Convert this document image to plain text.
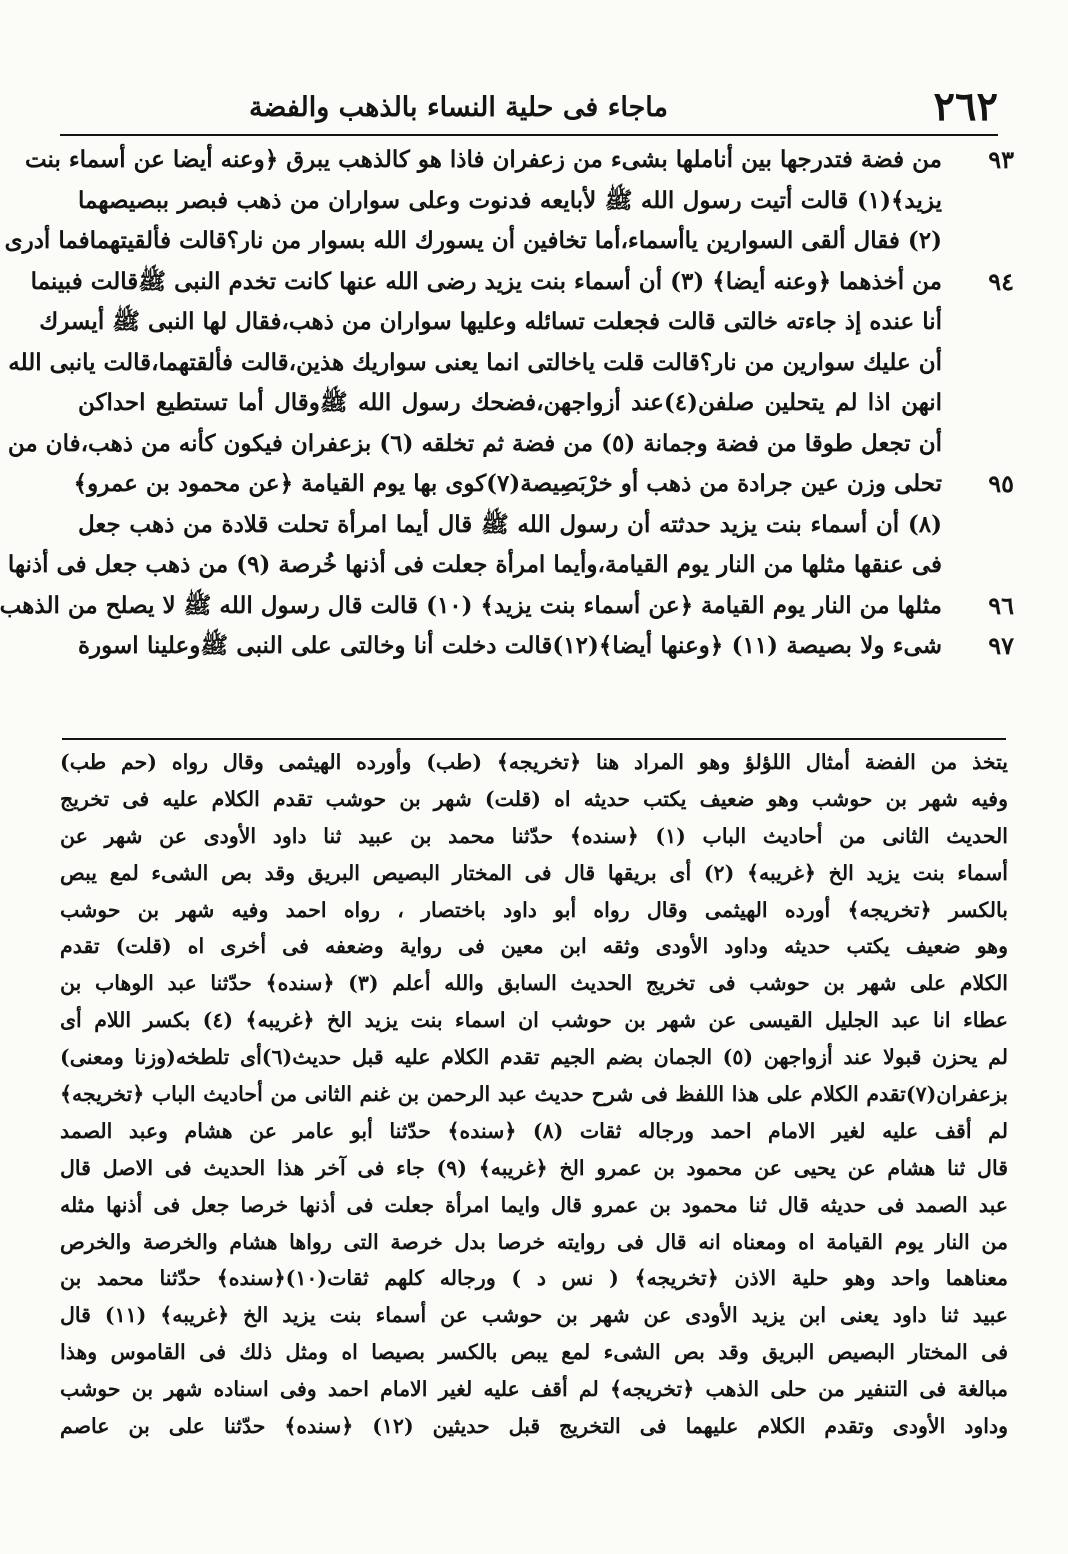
٢٦٢
ماجاء فى حلية النساء بالذهب والفضة
٩٣
من فضة فتدرجها بين أناملها بشىء من زعفران فاذا هو كالذهب يبرق ﴿وعنه أيضا عن أسماء بنت
يزيد﴾(١) قالت أتيت رسول الله ﷺ لأبايعه فدنوت وعلى سواران من ذهب فبصر ببصيصهما
(٢) فقال ألقى السوارين ياأسماء،أما تخافين أن يسورك الله بسوار من نار؟قالت فألقيتهمافما أدرى
٩٤
من أخذهما ﴿وعنه أيضا﴾ (٣) أن أسماء بنت يزيد رضى الله عنها كانت تخدم النبى ﷺقالت فبينما
أنا عنده إذ جاءته خالتى قالت فجعلت تسائله وعليها سواران من ذهب،فقال لها النبى ﷺ أيسرك
أن عليك سوارين من نار؟قالت قلت ياخالتى انما يعنى سواريك هذين،قالت فألقتهما،قالت يانبى الله
انهن اذا لم يتحلين صلفن(٤)عند أزواجهن،فضحك رسول الله ﷺوقال أما تستطيع احداكن
أن تجعل طوقا من فضة وجمانة (٥) من فضة ثم تخلقه (٦) بزعفران فيكون كأنه من ذهب،فان من
٩٥
تحلى وزن عين جرادة من ذهب أو خرْبَصِيصة(٧)كوى بها يوم القيامة ﴿عن محمود بن عمرو﴾
(٨) أن أسماء بنت يزيد حدثته أن رسول الله ﷺ قال أيما امرأة تحلت قلادة من ذهب جعل
فى عنقها مثلها من النار يوم القيامة،وأيما امرأة جعلت فى أذنها خُرصة (٩) من ذهب جعل فى أذنها
٩٦
مثلها من النار يوم القيامة ﴿عن أسماء بنت يزيد﴾ (١٠) قالت قال رسول الله ﷺ لا يصلح من الذهب
٩٧
شىء ولا بصيصة (١١) ﴿وعنها أيضا﴾(١٢)قالت دخلت أنا وخالتى على النبى ﷺوعلينا اسورة
يتخذ من الفضة أمثال اللؤلؤ وهو المراد هنا ﴿تخريجه﴾ (طب) وأورده الهيثمى وقال رواه (حم طب)
وفيه شهر بن حوشب وهو ضعيف يكتب حديثه اه (قلت) شهر بن حوشب تقدم الكلام عليه فى تخريج
الحديث الثانى من أحاديث الباب (١) ﴿سنده﴾ حدّثنا محمد بن عبيد ثنا داود الأودى عن شهر عن
أسماء بنت يزيد الخ ﴿غريبه﴾ (٢) أى بريقها قال فى المختار البصيص البريق وقد بص الشىء لمع يبص
بالكسر ﴿تخريجه﴾ أورده الهيثمى وقال رواه أبو داود باختصار ، رواه احمد وفيه شهر بن حوشب
وهو ضعيف يكتب حديثه وداود الأودى وثقه ابن معين فى رواية وضعفه فى أخرى اه (قلت) تقدم
الكلام على شهر بن حوشب فى تخريج الحديث السابق والله أعلم (٣) ﴿سنده﴾ حدّثنا عبد الوهاب بن
عطاء انا عبد الجليل القيسى عن شهر بن حوشب ان اسماء بنت يزيد الخ ﴿غريبه﴾ (٤) بكسر اللام أى
لم يحزن قبولا عند أزواجهن (٥) الجمان بضم الجيم تقدم الكلام عليه قبل حديث(٦)أى تلطخه(وزنا ومعنى)
بزعفران(٧)تقدم الكلام على هذا اللفظ فى شرح حديث عبد الرحمن بن غنم الثانى من أحاديث الباب ﴿تخريجه﴾
لم أقف عليه لغير الامام احمد ورجاله ثقات (٨) ﴿سنده﴾ حدّثنا أبو عامر عن هشام وعبد الصمد
قال ثنا هشام عن يحيى عن محمود بن عمرو الخ ﴿غريبه﴾ (٩) جاء فى آخر هذا الحديث فى الاصل قال
عبد الصمد فى حديثه قال ثنا محمود بن عمرو قال وايما امرأة جعلت فى أذنها خرصا جعل فى أذنها مثله
من النار يوم القيامة اه ومعناه انه قال فى روايته خرصا بدل خرصة التى رواها هشام والخرصة والخرص
معناهما واحد وهو حلية الاذن ﴿تخريجه﴾ ( نس د ) ورجاله كلهم ثقات(١٠)﴿سنده﴾ حدّثنا محمد بن
عبيد ثنا داود يعنى ابن يزيد الأودى عن شهر بن حوشب عن أسماء بنت يزيد الخ ﴿غريبه﴾ (١١) قال
فى المختار البصيص البريق وقد بص الشىء لمع يبص بالكسر بصيصا اه ومثل ذلك فى القاموس وهذا
مبالغة فى التنفير من حلى الذهب ﴿تخريجه﴾ لم أقف عليه لغير الامام احمد وفى اسناده شهر بن حوشب
وداود الأودى وتقدم الكلام عليهما فى التخريج قبل حديثين (١٢) ﴿سنده﴾ حدّثنا على بن عاصم
